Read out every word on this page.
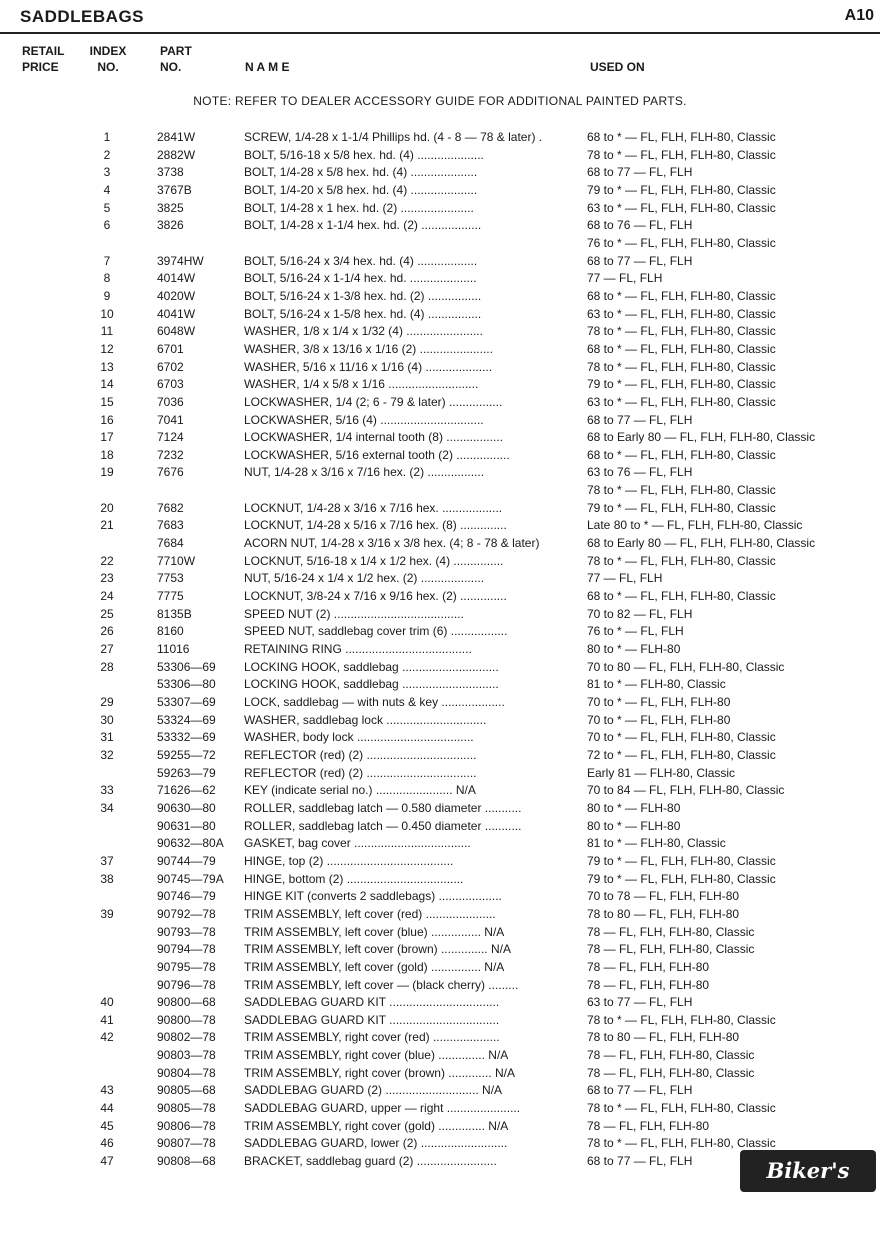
SADDLEBAGS	A10
RETAIL
PRICE
INDEX
NO.
PART
NO.	N A M E	USED ON
NOTE: REFER TO DEALER ACCESSORY GUIDE FOR ADDITIONAL PAINTED PARTS.
1	2841W	SCREW, 1/4-28 x 1-1/4 Phillips hd. (4 - 8 — 78 & later) .	68 to * — FL, FLH, FLH-80, Classic
2	2882W	BOLT, 5/16-18 x 5/8 hex. hd. (4) ....................	78 to * — FL, FLH, FLH-80, Classic
3	3738	BOLT, 1/4-28 x 5/8 hex. hd. (4) ....................	68 to 77 — FL, FLH
4	3767B	BOLT, 1/4-20 x 5/8 hex. hd. (4) ....................	79 to * — FL, FLH, FLH-80, Classic
5	3825	BOLT, 1/4-28 x 1 hex. hd. (2) ......................	63 to * — FL, FLH, FLH-80, Classic
6	3826	BOLT, 1/4-28 x 1-1/4 hex. hd. (2) ..................	68 to 76 — FL, FLH
76 to * — FL, FLH, FLH-80, Classic
7	3974HW	BOLT, 5/16-24 x 3/4 hex. hd. (4) ..................	68 to 77 — FL, FLH
8	4014W	BOLT, 5/16-24 x 1-1/4 hex. hd. ....................	77 — FL, FLH
9	4020W	BOLT, 5/16-24 x 1-3/8 hex. hd. (2) ................	68 to * — FL, FLH, FLH-80, Classic
10	4041W	BOLT, 5/16-24 x 1-5/8 hex. hd. (4) ................	63 to * — FL, FLH, FLH-80, Classic
11	6048W	WASHER, 1/8 x 1/4 x 1/32 (4) .......................	78 to * — FL, FLH, FLH-80, Classic
12	6701	WASHER, 3/8 x 13/16 x 1/16 (2) ......................	68 to * — FL, FLH, FLH-80, Classic
13	6702	WASHER, 5/16 x 11/16 x 1/16 (4) ....................	78 to * — FL, FLH, FLH-80, Classic
14	6703	WASHER, 1/4 x 5/8 x 1/16 ...........................	79 to * — FL, FLH, FLH-80, Classic
15	7036	LOCKWASHER, 1/4 (2; 6 - 79 & later) ................	63 to * — FL, FLH, FLH-80, Classic
16	7041	LOCKWASHER, 5/16 (4) ...............................	68 to 77 — FL, FLH
17	7124	LOCKWASHER, 1/4 internal tooth (8) .................	68 to Early 80 — FL, FLH, FLH-80, Classic
18	7232	LOCKWASHER, 5/16 external tooth (2) ................	68 to * — FL, FLH, FLH-80, Classic
19	7676	NUT, 1/4-28 x 3/16 x 7/16 hex. (2) .................	63 to 76 — FL, FLH
78 to * — FL, FLH, FLH-80, Classic
20	7682	LOCKNUT, 1/4-28 x 3/16 x 7/16 hex. ..................	79 to * — FL, FLH, FLH-80, Classic
21	7683	LOCKNUT, 1/4-28 x 5/16 x 7/16 hex. (8) ..............	Late 80 to * — FL, FLH, FLH-80, Classic
7684	ACORN NUT, 1/4-28 x 3/16 x 3/8 hex. (4; 8 - 78 & later)	68 to Early 80 — FL, FLH, FLH-80, Classic
22	7710W	LOCKNUT, 5/16-18 x 1/4 x 1/2 hex. (4) ...............	78 to * — FL, FLH, FLH-80, Classic
23	7753	NUT, 5/16-24 x 1/4 x 1/2 hex. (2) ...................	77 — FL, FLH
24	7775	LOCKNUT, 3/8-24 x 7/16 x 9/16 hex. (2) ..............	68 to * — FL, FLH, FLH-80, Classic
25	8135B	SPEED NUT (2) .......................................	70 to 82 — FL, FLH
26	8160	SPEED NUT, saddlebag cover trim (6) .................	76 to * — FL, FLH
27	11016	RETAINING RING ......................................	80 to * — FLH-80
28	53306—69 LOCKING HOOK, saddlebag .............................	70 to 80 — FL, FLH, FLH-80, Classic
53306—80 LOCKING HOOK, saddlebag .............................	81 to * — FLH-80, Classic
29	53307—69 LOCK, saddlebag — with nuts & key ...................	70 to * — FL, FLH, FLH-80
30	53324—69 WASHER, saddlebag lock ..............................	70 to * — FL, FLH, FLH-80
31	53332—69 WASHER, body lock ...................................	70 to * — FL, FLH, FLH-80, Classic
32	59255—72 REFLECTOR (red) (2) .................................	72 to * — FL, FLH, FLH-80, Classic
59263—79 REFLECTOR (red) (2) .................................	Early 81 — FLH-80, Classic
33	71626—62 KEY (indicate serial no.) ....................... N/A	70 to 84 — FL, FLH, FLH-80, Classic
34	90630—80 ROLLER, saddlebag latch — 0.580 diameter ...........	80 to * — FLH-80
90631—80 ROLLER, saddlebag latch — 0.450 diameter ...........	80 to * — FLH-80
90632—80A GASKET, bag cover ...................................	81 to * — FLH-80, Classic
37	90744—79 HINGE, top (2) ......................................	79 to * — FL, FLH, FLH-80, Classic
38	90745—79A HINGE, bottom (2) ...................................	79 to * — FL, FLH, FLH-80, Classic
90746—79 HINGE KIT (converts 2 saddlebags) ...................	70 to 78 — FL, FLH, FLH-80
39	90792—78 TRIM ASSEMBLY, left cover (red) .....................	78 to 80 — FL, FLH, FLH-80
90793—78 TRIM ASSEMBLY, left cover (blue) ............... N/A	78 — FL, FLH, FLH-80, Classic
90794—78 TRIM ASSEMBLY, left cover (brown) .............. N/A	78 — FL, FLH, FLH-80, Classic
90795—78 TRIM ASSEMBLY, left cover (gold) ............... N/A	78 — FL, FLH, FLH-80
90796—78 TRIM ASSEMBLY, left cover — (black cherry) .........	78 — FL, FLH, FLH-80
40	90800—68 SADDLEBAG GUARD KIT .................................	63 to 77 — FL, FLH
41	90800—78 SADDLEBAG GUARD KIT .................................	78 to * — FL, FLH, FLH-80, Classic
42	90802—78 TRIM ASSEMBLY, right cover (red) ....................	78 to 80 — FL, FLH, FLH-80
90803—78 TRIM ASSEMBLY, right cover (blue) .............. N/A	78 — FL, FLH, FLH-80, Classic
90804—78 TRIM ASSEMBLY, right cover (brown) ............. N/A	78 — FL, FLH, FLH-80, Classic
43	90805—68 SADDLEBAG GUARD (2) ............................ N/A	68 to 77 — FL, FLH
44	90805—78 SADDLEBAG GUARD, upper — right ......................	78 to * — FL, FLH, FLH-80, Classic
45	90806—78 TRIM ASSEMBLY, right cover (gold) .............. N/A	78 — FL, FLH, FLH-80
46	90807—78 SADDLEBAG GUARD, lower (2) ..........................	78 to * — FL, FLH, FLH-80, Classic
47	90808—68 BRACKET, saddlebag guard (2) ........................	68 to 77 — FL, FLH	Biker's Store
